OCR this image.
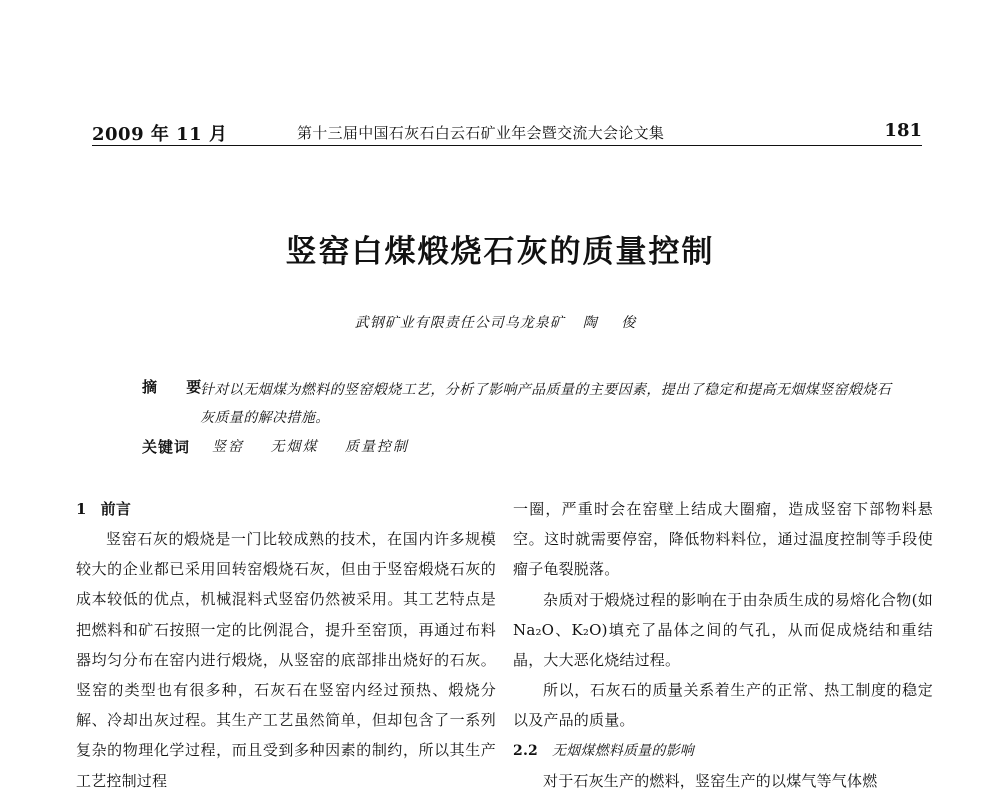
2009 年 11 月	第十三届中国石灰石白云石矿业年会暨交流大会论文集	181
竖窑白煤煅烧石灰的质量控制
武钢矿业有限责任公司乌龙泉矿 陶 俊
摘 要
针对以无烟煤为燃料的竖窑煅烧工艺，分析了影响产品质量的主要因素，提出了稳定和提高无烟煤竖窑煅烧石灰质量的解决措施。
关键词 竖窑 无烟煤 质量控制
1 前言

竖窑石灰的煅烧是一门比较成熟的技术，在国内许多规模较大的企业都已采用回转窑煅烧石灰，但由于竖窑煅烧石灰的成本较低的优点，机械混料式竖窑仍然被采用。其工艺特点是把燃料和矿石按照一定的比例混合，提升至窑顶，再通过布料器均匀分布在窑内进行煅烧，从竖窑的底部排出烧好的石灰。竖窑的类型也有很多种，石灰石在竖窑内经过预热、煅烧分解、冷却出灰过程。其生产工艺虽然简单，但却包含了一系列复杂的物理化学过程，而且受到多种因素的制约，所以其生产工艺控制过程

一圈，严重时会在窑壁上结成大圈瘤，造成竖窑下部物料悬空。这时就需要停窑，降低物料料位，通过温度控制等手段使瘤子龟裂脱落。

杂质对于煅烧过程的影响在于由杂质生成的易熔化合物(如 Na₂O、K₂O)填充了晶体之间的气孔，从而促成烧结和重结晶，大大恶化烧结过程。

所以，石灰石的质量关系着生产的正常、热工制度的稳定以及产品的质量。

2.2 无烟煤燃料质量的影响

对于石灰生产的燃料，竖窑生产的以煤气等气体燃
